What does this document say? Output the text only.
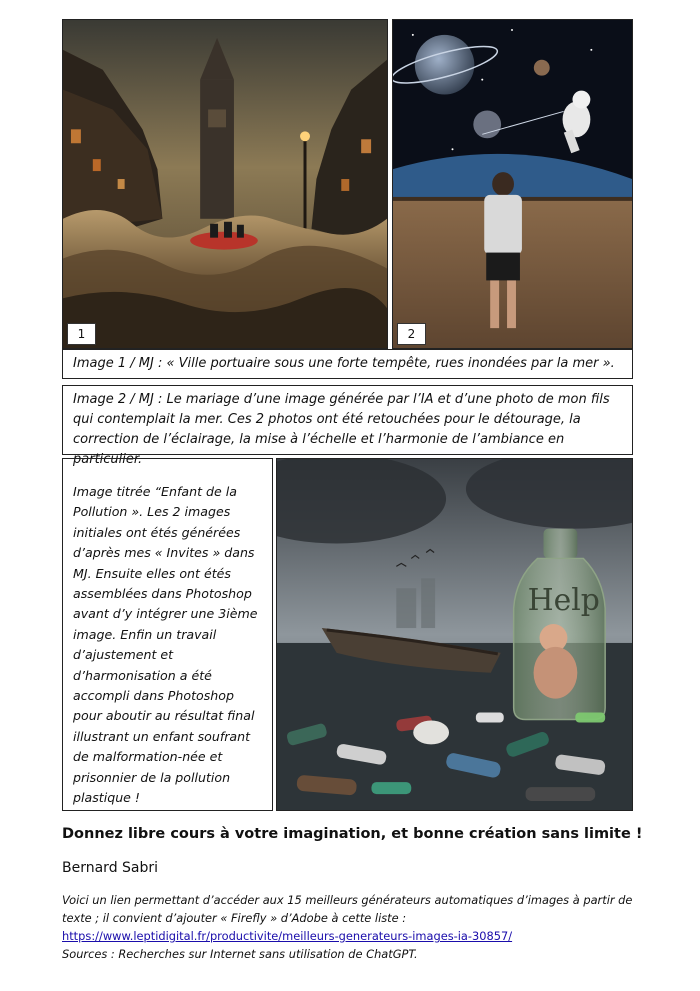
1	2
Image 1 / MJ : « Ville portuaire sous une forte tempête, rues inondées par la mer ».
Image 2 / MJ : Le mariage d’une image générée par l’IA et d’une photo de mon fils qui contemplait la mer. Ces 2 photos ont été retouchées pour le détourage, la correction de l’éclairage, la mise à l’échelle et l’harmonie de l’ambiance en particulier.
Image titrée “Enfant de la Pollution ». Les 2 images initiales ont étés générées d’après mes « Invites » dans MJ. Ensuite elles ont étés assemblées dans Photoshop avant d’y intégrer une 3ième image. Enfin un travail d’ajustement et d’harmonisation a été accompli dans Photoshop pour aboutir au résultat final illustrant un enfant soufrant de malformation-née et prisonnier de la pollution plastique !
Help
Donnez libre cours à votre imagination, et bonne création sans limite !
Bernard Sabri
Voici un lien permettant d’accéder aux 15 meilleurs générateurs automatiques d’images à partir de texte ; il convient d’ajouter « Firefly » d’Adobe à cette liste :
https://www.leptidigital.fr/productivite/meilleurs-generateurs-images-ia-30857/
Sources : Recherches sur Internet sans utilisation de ChatGPT.
